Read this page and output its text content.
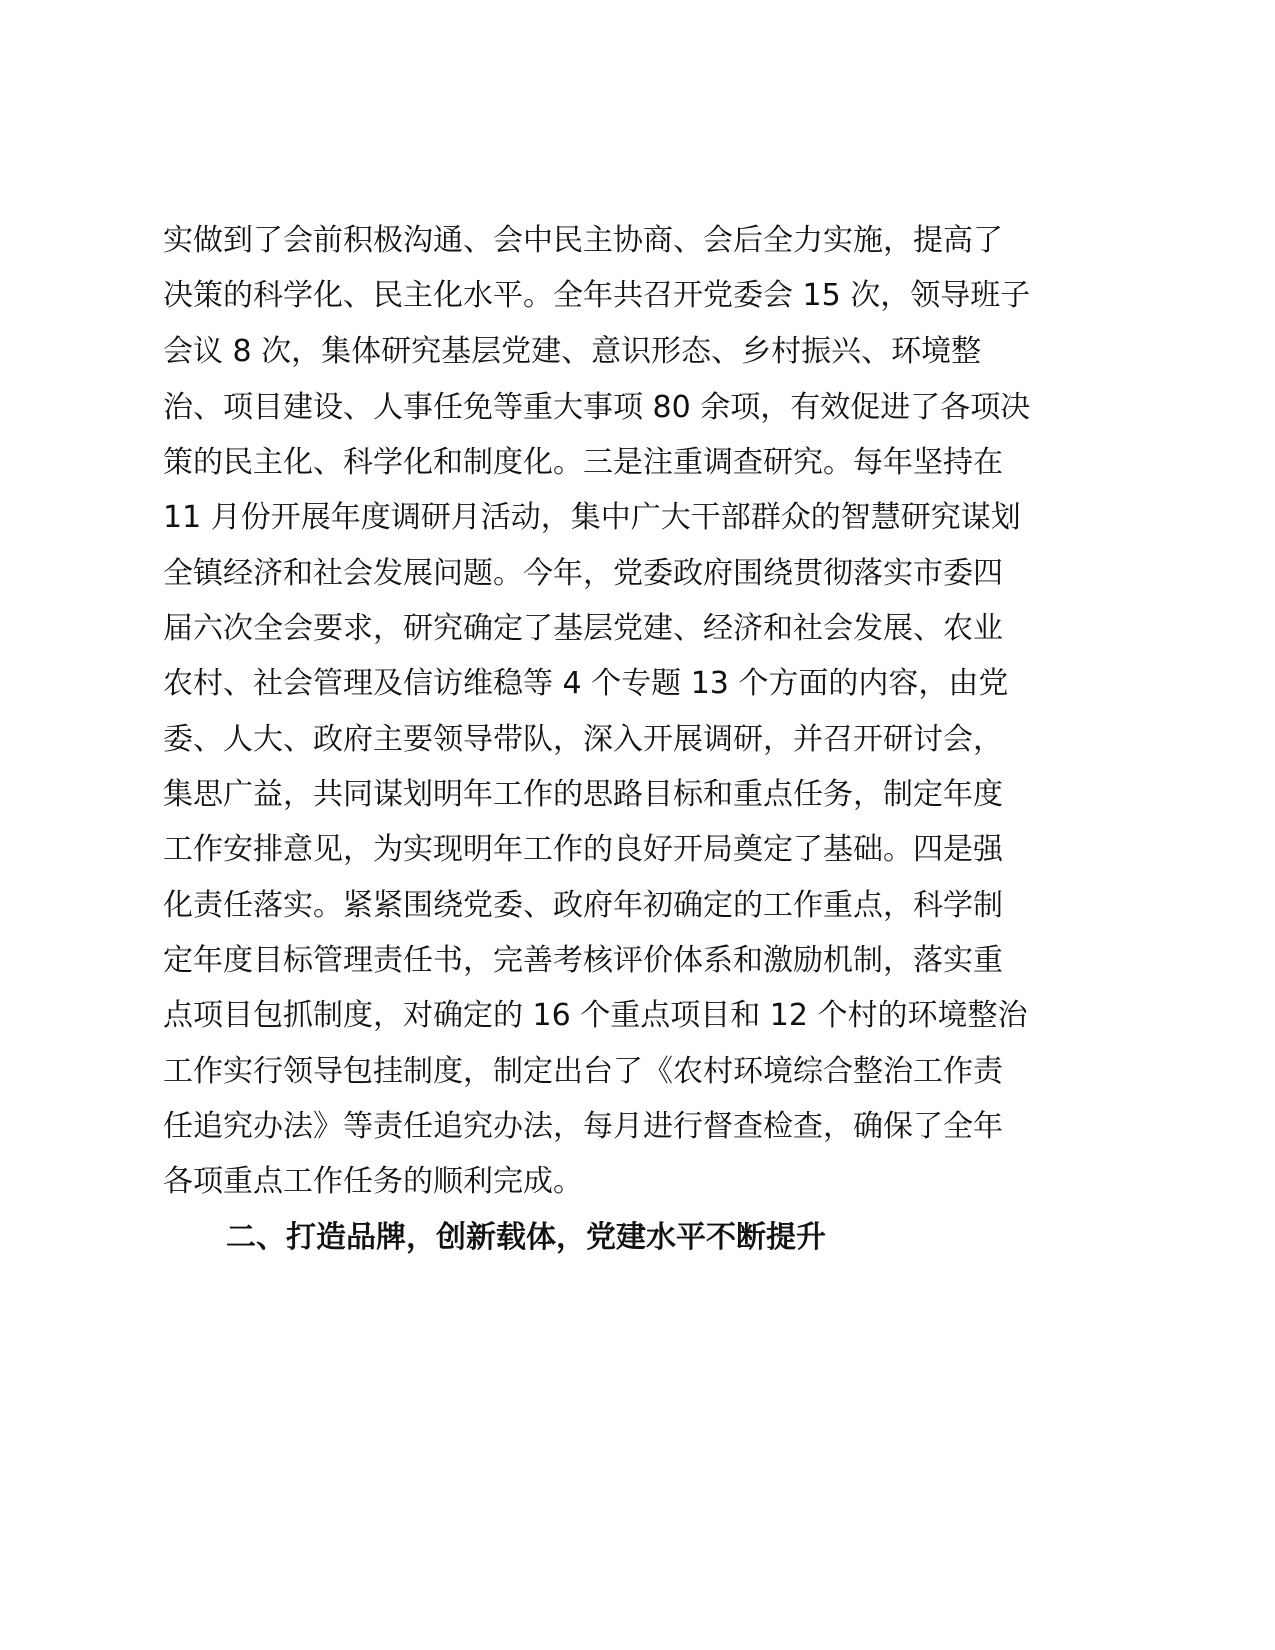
实做到了会前积极沟通、会中民主协商、会后全力实施，提高了
决策的科学化、民主化水平。全年共召开党委会 15 次，领导班子
会议 8 次，集体研究基层党建、意识形态、乡村振兴、环境整
治、项目建设、人事任免等重大事项 80 余项，有效促进了各项决
策的民主化、科学化和制度化。三是注重调查研究。每年坚持在
11 月份开展年度调研月活动，集中广大干部群众的智慧研究谋划
全镇经济和社会发展问题。今年，党委政府围绕贯彻落实市委四
届六次全会要求，研究确定了基层党建、经济和社会发展、农业
农村、社会管理及信访维稳等 4 个专题 13 个方面的内容，由党
委、人大、政府主要领导带队，深入开展调研，并召开研讨会，
集思广益，共同谋划明年工作的思路目标和重点任务，制定年度
工作安排意见，为实现明年工作的良好开局奠定了基础。四是强
化责任落实。紧紧围绕党委、政府年初确定的工作重点，科学制
定年度目标管理责任书，完善考核评价体系和激励机制，落实重
点项目包抓制度，对确定的 16 个重点项目和 12 个村的环境整治
工作实行领导包挂制度，制定出台了《农村环境综合整治工作责
任追究办法》等责任追究办法，每月进行督查检查，确保了全年
各项重点工作任务的顺利完成。
二、打造品牌，创新载体，党建水平不断提升
